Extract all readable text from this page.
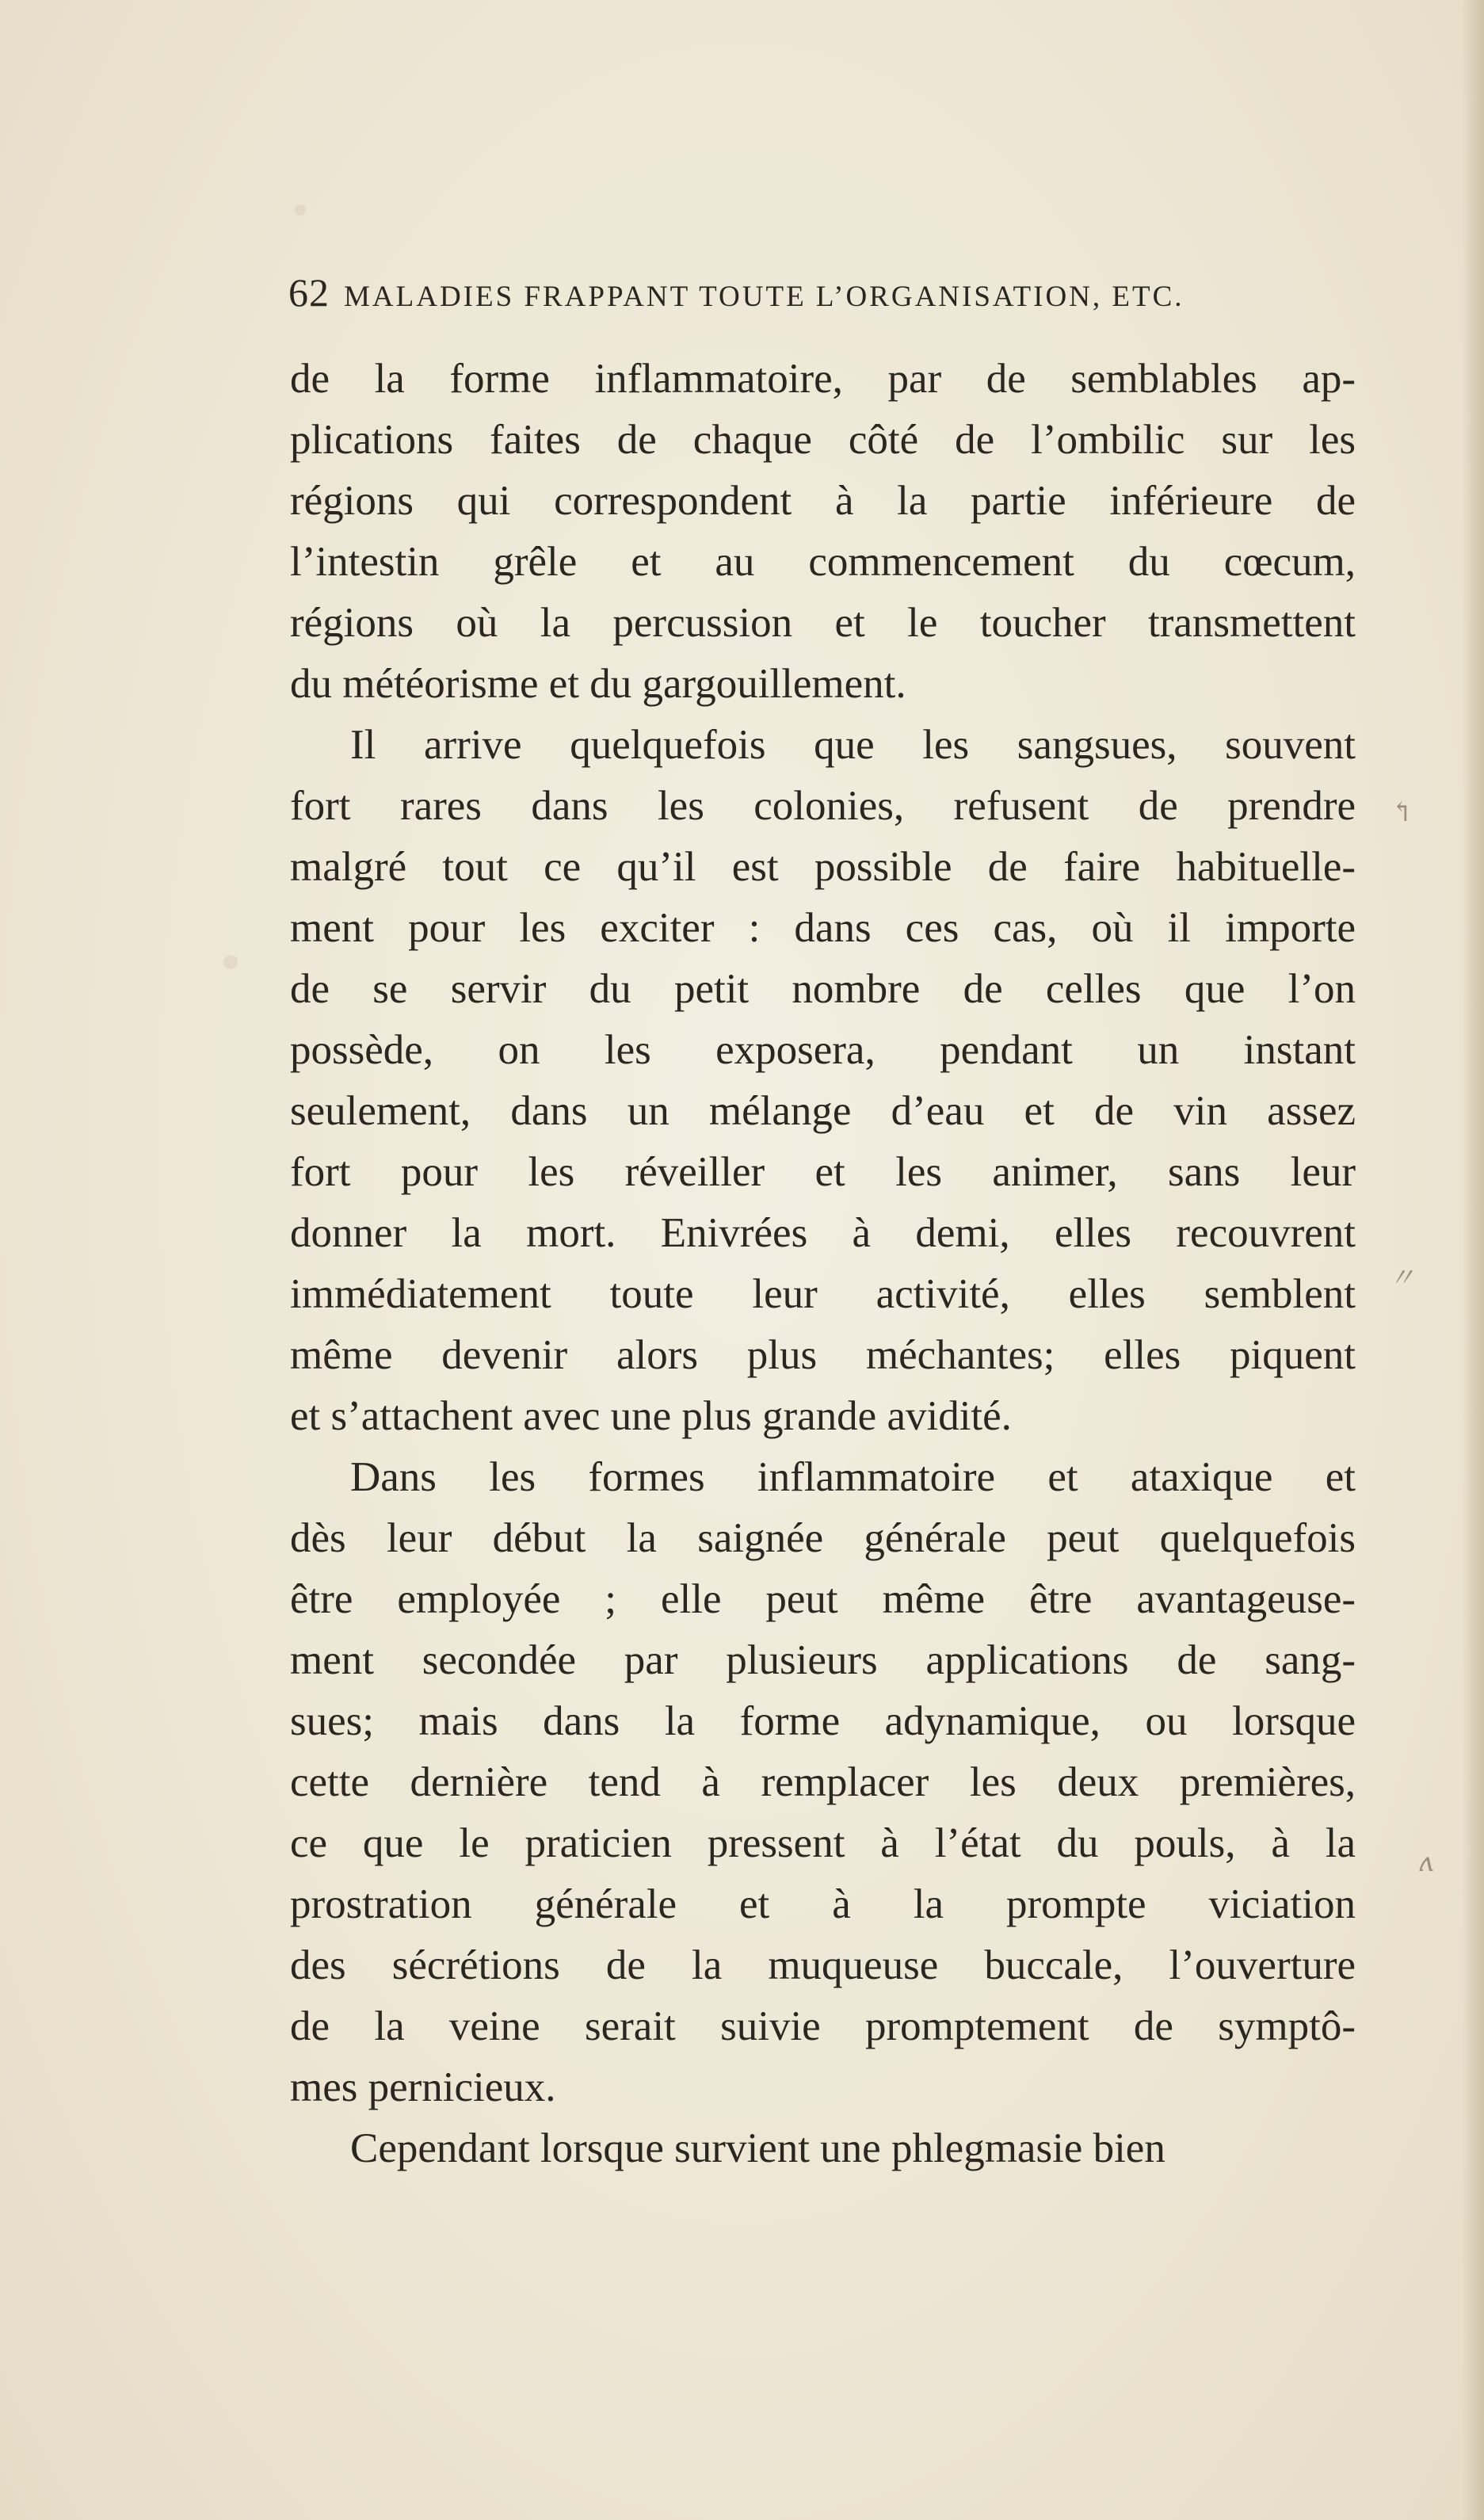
62 MALADIES FRAPPANT TOUTE L’ORGANISATION, ETC.
de la forme inflammatoire, par de semblables ap-
plications faites de chaque côté de l’ombilic sur les
régions qui correspondent à la partie inférieure de
l’intestin grêle et au commencement du cœcum,
régions où la percussion et le toucher transmettent
du météorisme et du gargouillement.
Il arrive quelquefois que les sangsues, souvent
fort rares dans les colonies, refusent de prendre
malgré tout ce qu’il est possible de faire habituelle-
ment pour les exciter : dans ces cas, où il importe
de se servir du petit nombre de celles que l’on
possède, on les exposera, pendant un instant
seulement, dans un mélange d’eau et de vin assez
fort pour les réveiller et les animer, sans leur
donner la mort. Enivrées à demi, elles recouvrent
immédiatement toute leur activité, elles semblent
même devenir alors plus méchantes; elles piquent
et s’attachent avec une plus grande avidité.
Dans les formes inflammatoire et ataxique et
dès leur début la saignée générale peut quelquefois
être employée ; elle peut même être avantageuse-
ment secondée par plusieurs applications de sang-
sues; mais dans la forme adynamique, ou lorsque
cette dernière tend à remplacer les deux premières,
ce que le praticien pressent à l’état du pouls, à la
prostration générale et à la prompte viciation
des sécrétions de la muqueuse buccale, l’ouverture
de la veine serait suivie promptement de symptô-
mes pernicieux.
Cependant lorsque survient une phlegmasie bien
↰
〃
ʌ
